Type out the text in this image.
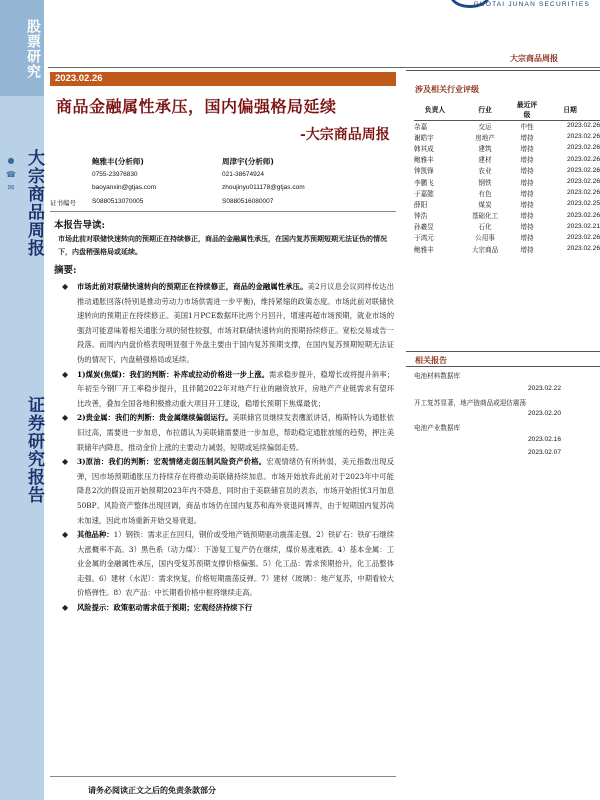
股票研究
大宗商品周报
证券研究报告
GUOTAI JUNAN SECURITIES
大宗商品周报
2023.02.26
商品金融属性承压，国内偏强格局延续
-大宗商品周报
●
☎
✉
鲍雅丰(分析师)
0755-23976830
baoyanxin@gtjas.com
证书编号 S0880513070005
周津宇(分析师)
021-38674924
zhoujinyu011178@gtjas.com
S0880516080007
本报告导读:
市场此前对联储快速转向的预期正在持续修正，商品的金融属性承压，在国内复苏预期短期无法证伪的情况下，内盘稍强格局或延续。
摘要:
◆ 市场此前对联储快速转向的预期正在持续修正，商品的金融属性承压。美2月议息会议同样传达出推动通胀回落(特别是推动劳动力市场供需进一步平衡)，维持紧缩的政策态度。市场此前对联储快速转向的预期正在持续修正。美国1月PCE数据环比两个月回升，增速再超市场预期，就业市场的强劲可能意味着相关通胀分项的韧性较强，市场对联储快速转向的预期持续修正。宽松交易或告一段落。而周内内盘价格表现明显强于外盘主要由于国内复苏预期支撑，在国内复苏预期短期无法证伪的情况下，内盘稍强格局或延续。
◆ 1)煤炭(焦煤)：我们的判断：补库或拉动价格进一步上涨。需求稳步提升，稳增长或将提升斜率；年初至今钢厂开工率稳步提升，且伴随2022年对地产行业的融资放开，房地产产业链需求有望环比改善，叠加全国各地积极推动重大项目开工建设，稳增长预期下焦煤最优；
◆ 2)贵金属：我们的判断：贵金属继续偏弱运行。美联储官员继续发表鹰派讲话，梅斯特认为通胀依旧过高，需要进一步加息，布拉德认为美联储需要进一步加息，帮助稳定通胀放缓的趋势，押注美联储年内降息，推动金价上涨的主要动力减弱，短期或延续偏弱走势。
◆ 3)原油：我们的判断：宏观情绪走弱压制风险资产价格。宏观情绪仍有所转弱，美元指数出现反弹，因市场预期通胀压力持续存在将推动美联储持续加息。市场开始放弃此前对于2023年中可能降息2次的假设而开始预期2023年内不降息，同时由于美联储官员的表态，市场开始担忧3月加息50BP。风险资产整体出现回调，商品市场仍在国内复苏和海外衰退间博弈，由于短期国内复苏尚未加速，因此市场重新开始交易衰退。
◆ 其他品种：1）钢铁：需求正在回归，钢价或受地产链预期驱动震荡走强。2）铁矿石：铁矿石继续大涨概率不高。3）黑色系（动力煤）：下游复工复产仍在继续，煤价易涨难跌。4）基本金属：工业金属的金融属性承压，国内受复苏预期支撑价格偏强。5）化工品：需求预期抬升，化工品整体走强。6）建材（水泥）：需求恢复，价格短期震荡反弹。7）建材（玻璃）：地产复苏，中期看较大价格弹性。8）农产品：中长期看价格中枢将继续走高。
◆ 风险提示：政策驱动需求低于预期；宏观经济持续下行
请务必阅读正文之后的免责条款部分
涉及相关行业评级
负责人	行业	最近评级	日期
杂嘉	交运	中性	2023.02.26
谢皓宇	房地产	增持	2023.02.26
韩其成	建筑	增持	2023.02.26
鲍雅丰	建材	增持	2023.02.26
钟凯锋	农业	增持	2023.02.26
李鹏飞	钢铁	增持	2023.02.26
于嘉懿	有色	增持	2023.02.26
薛阳	煤炭	增持	2023.02.25
钟浩	基础化工	增持	2023.02.26
孙羲昱	石化	增持	2023.02.21
于鸿元	公用事	增持	2023.02.26
鲍雅丰	大宗商品	增持	2023.02.26
相关报告
电池材料数据库
2023.02.22
开工复苏显著，地产链商品或迎估震荡
2023.02.20
电池产业数据库
2023.02.16
2023.02.07
